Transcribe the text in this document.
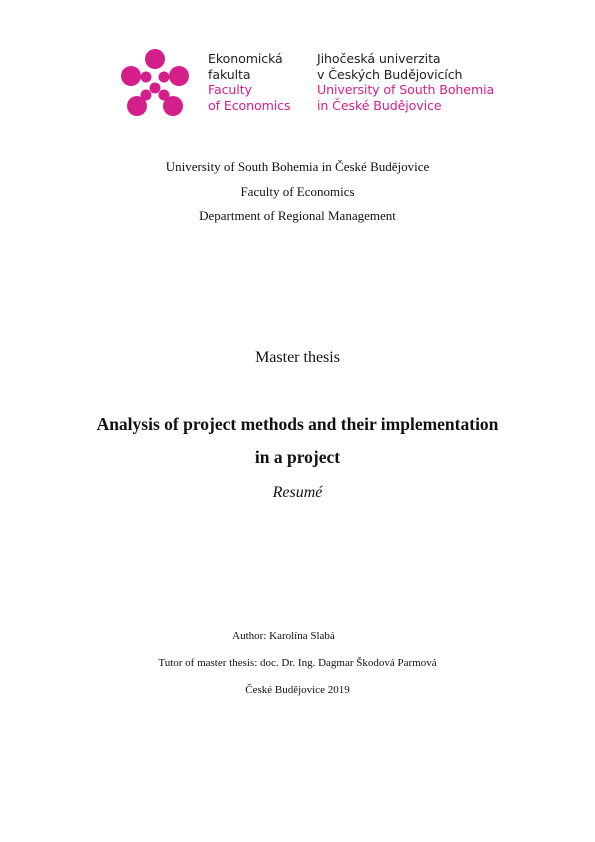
Ekonomická
fakulta
Faculty
of Economics
Jihočeská univerzita
v Českých Budějovicích
University of South Bohemia
in České Budějovice
University of South Bohemia in České Budějovice
Faculty of Economics
Department of Regional Management
Master thesis
Analysis of project methods and their implementation
in a project
Resumé
Author: Karolína Slabá
Tutor of master thesis: doc. Dr. Ing. Dagmar Škodová Parmová
České Budějovice 2019
